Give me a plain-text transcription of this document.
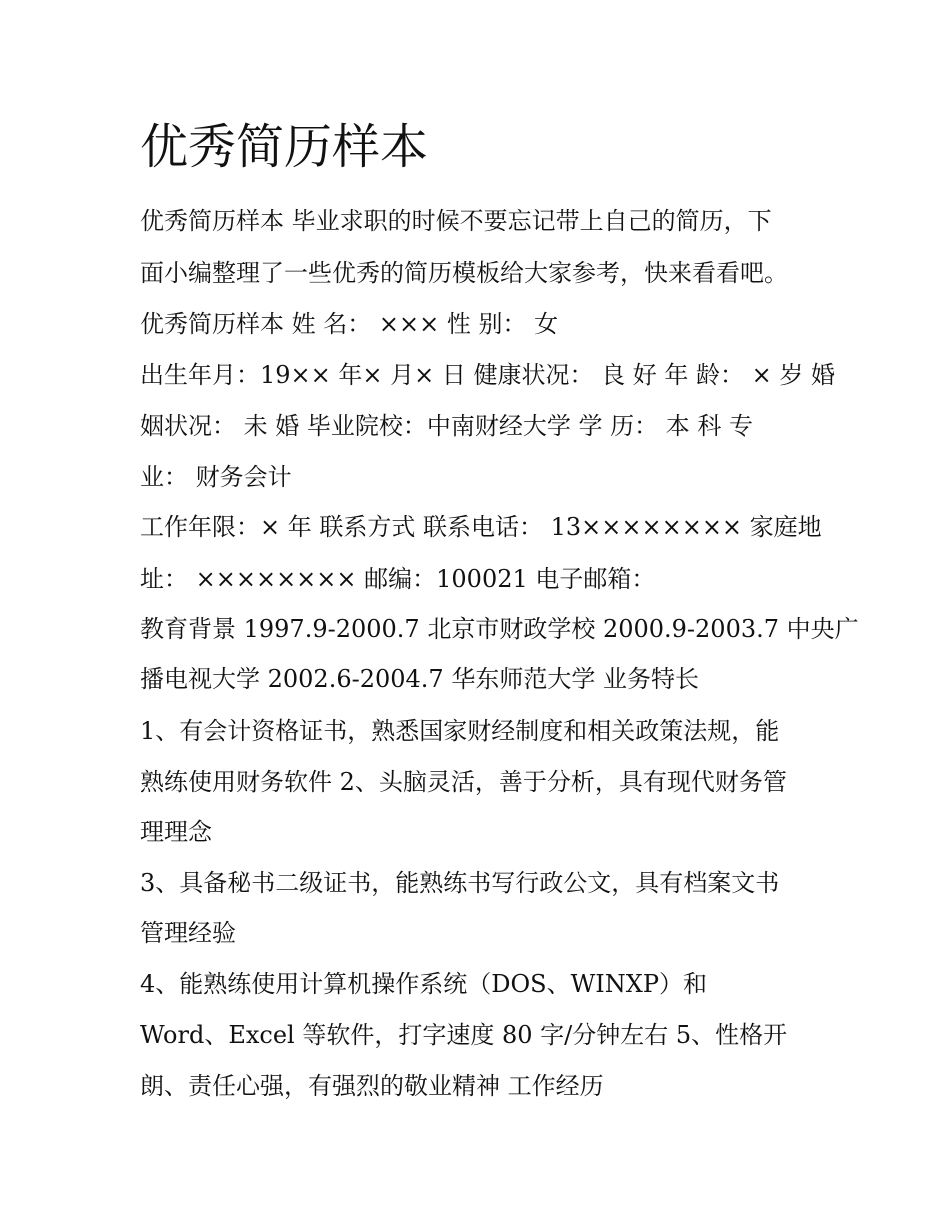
优秀简历样本

优秀简历样本 毕业求职的时候不要忘记带上自己的简历，下

面小编整理了一些优秀的简历模板给大家参考，快来看看吧。

优秀简历样本 姓 名： ××× 性 别： 女

出生年月：19×× 年× 月× 日 健康状况： 良 好 年 龄： × 岁 婚

姻状况： 未 婚 毕业院校：中南财经大学 学 历： 本 科 专

业： 财务会计

工作年限：× 年 联系方式 联系电话： 13×××××××× 家庭地

址： ×××××××× 邮编：100021 电子邮箱：

教育背景 1997.9-2000.7 北京市财政学校 2000.9-2003.7 中央广

播电视大学 2002.6-2004.7 华东师范大学 业务特长

1、有会计资格证书，熟悉国家财经制度和相关政策法规，能

熟练使用财务软件 2、头脑灵活，善于分析，具有现代财务管

理理念

3、具备秘书二级证书，能熟练书写行政公文，具有档案文书

管理经验

4、能熟练使用计算机操作系统（DOS、WINXP）和

Word、Excel 等软件，打字速度 80 字/分钟左右 5、性格开

朗、责任心强，有强烈的敬业精神 工作经历
